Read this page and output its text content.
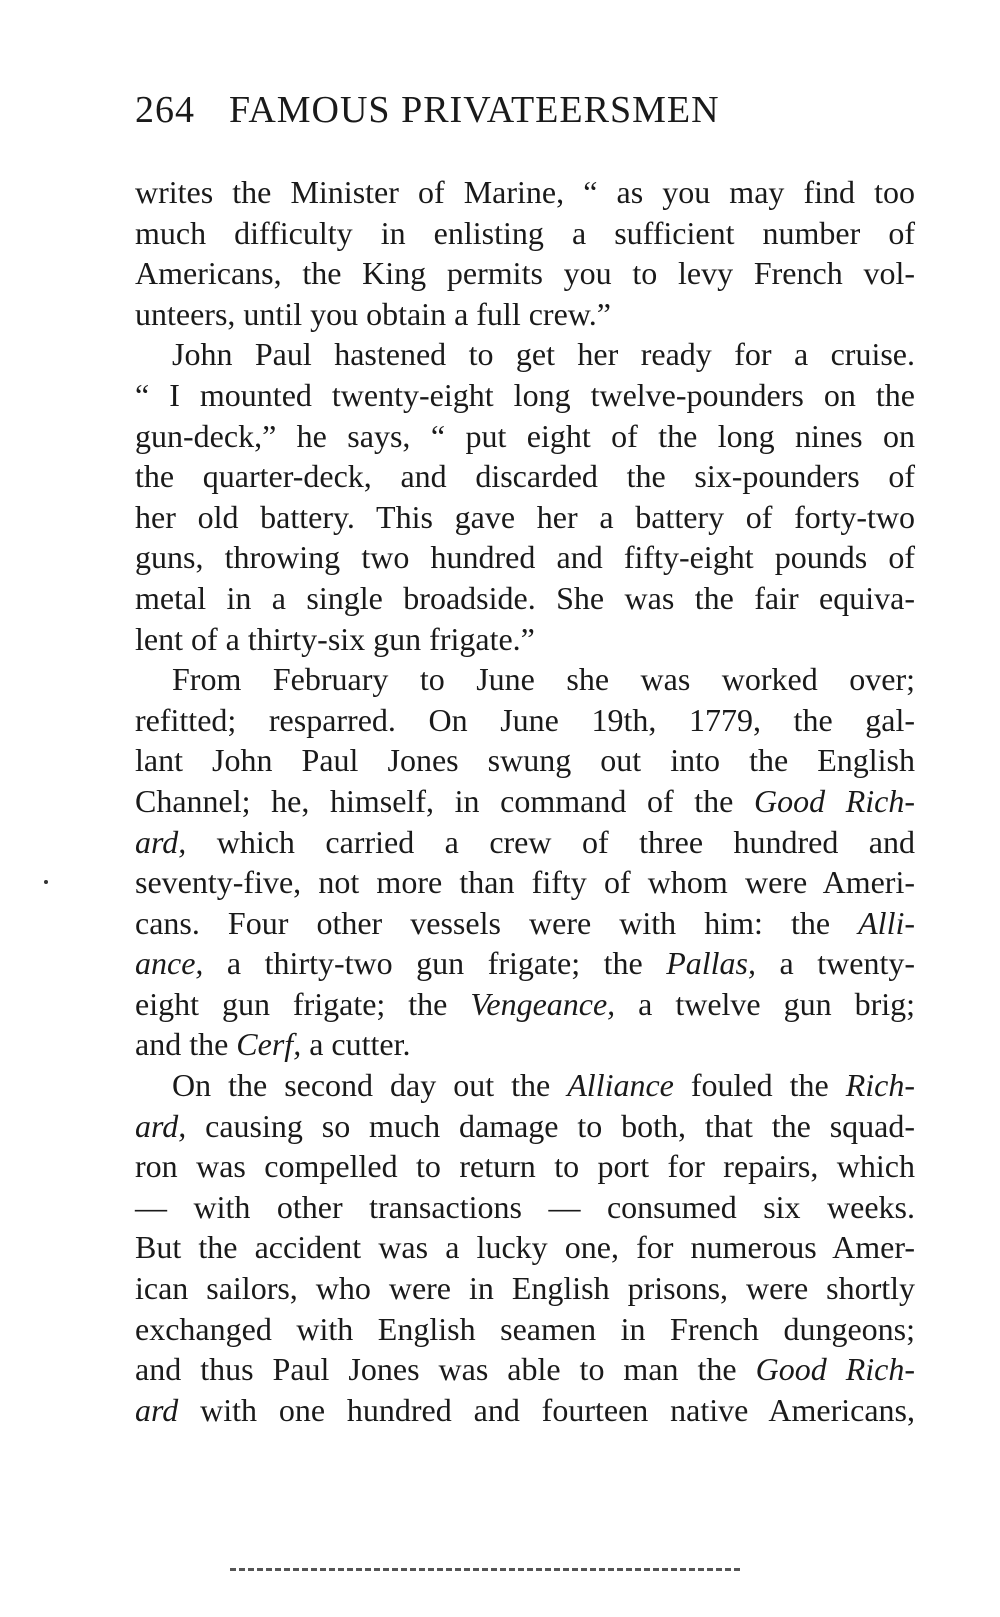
264 FAMOUS PRIVATEERSMEN
writes the Minister of Marine, “ as you may find too
much difficulty in enlisting a sufficient number of
Americans, the King permits you to levy French vol-
unteers, until you obtain a full crew.”
John Paul hastened to get her ready for a cruise.
“ I mounted twenty-eight long twelve-pounders on the
gun-deck,” he says, “ put eight of the long nines on
the quarter-deck, and discarded the six-pounders of
her old battery. This gave her a battery of forty-two
guns, throwing two hundred and fifty-eight pounds of
metal in a single broadside. She was the fair equiva-
lent of a thirty-six gun frigate.”
From February to June she was worked over;
refitted; resparred. On June 19th, 1779, the gal-
lant John Paul Jones swung out into the English
Channel; he, himself, in command of the Good Rich-
ard, which carried a crew of three hundred and
seventy-five, not more than fifty of whom were Ameri-
cans. Four other vessels were with him: the Alli-
ance, a thirty-two gun frigate; the Pallas, a twenty-
eight gun frigate; the Vengeance, a twelve gun brig;
and the Cerf, a cutter.
On the second day out the Alliance fouled the Rich-
ard, causing so much damage to both, that the squad-
ron was compelled to return to port for repairs, which
— with other transactions — consumed six weeks.
But the accident was a lucky one, for numerous Amer-
ican sailors, who were in English prisons, were shortly
exchanged with English seamen in French dungeons;
and thus Paul Jones was able to man the Good Rich-
ard with one hundred and fourteen native Americans,
